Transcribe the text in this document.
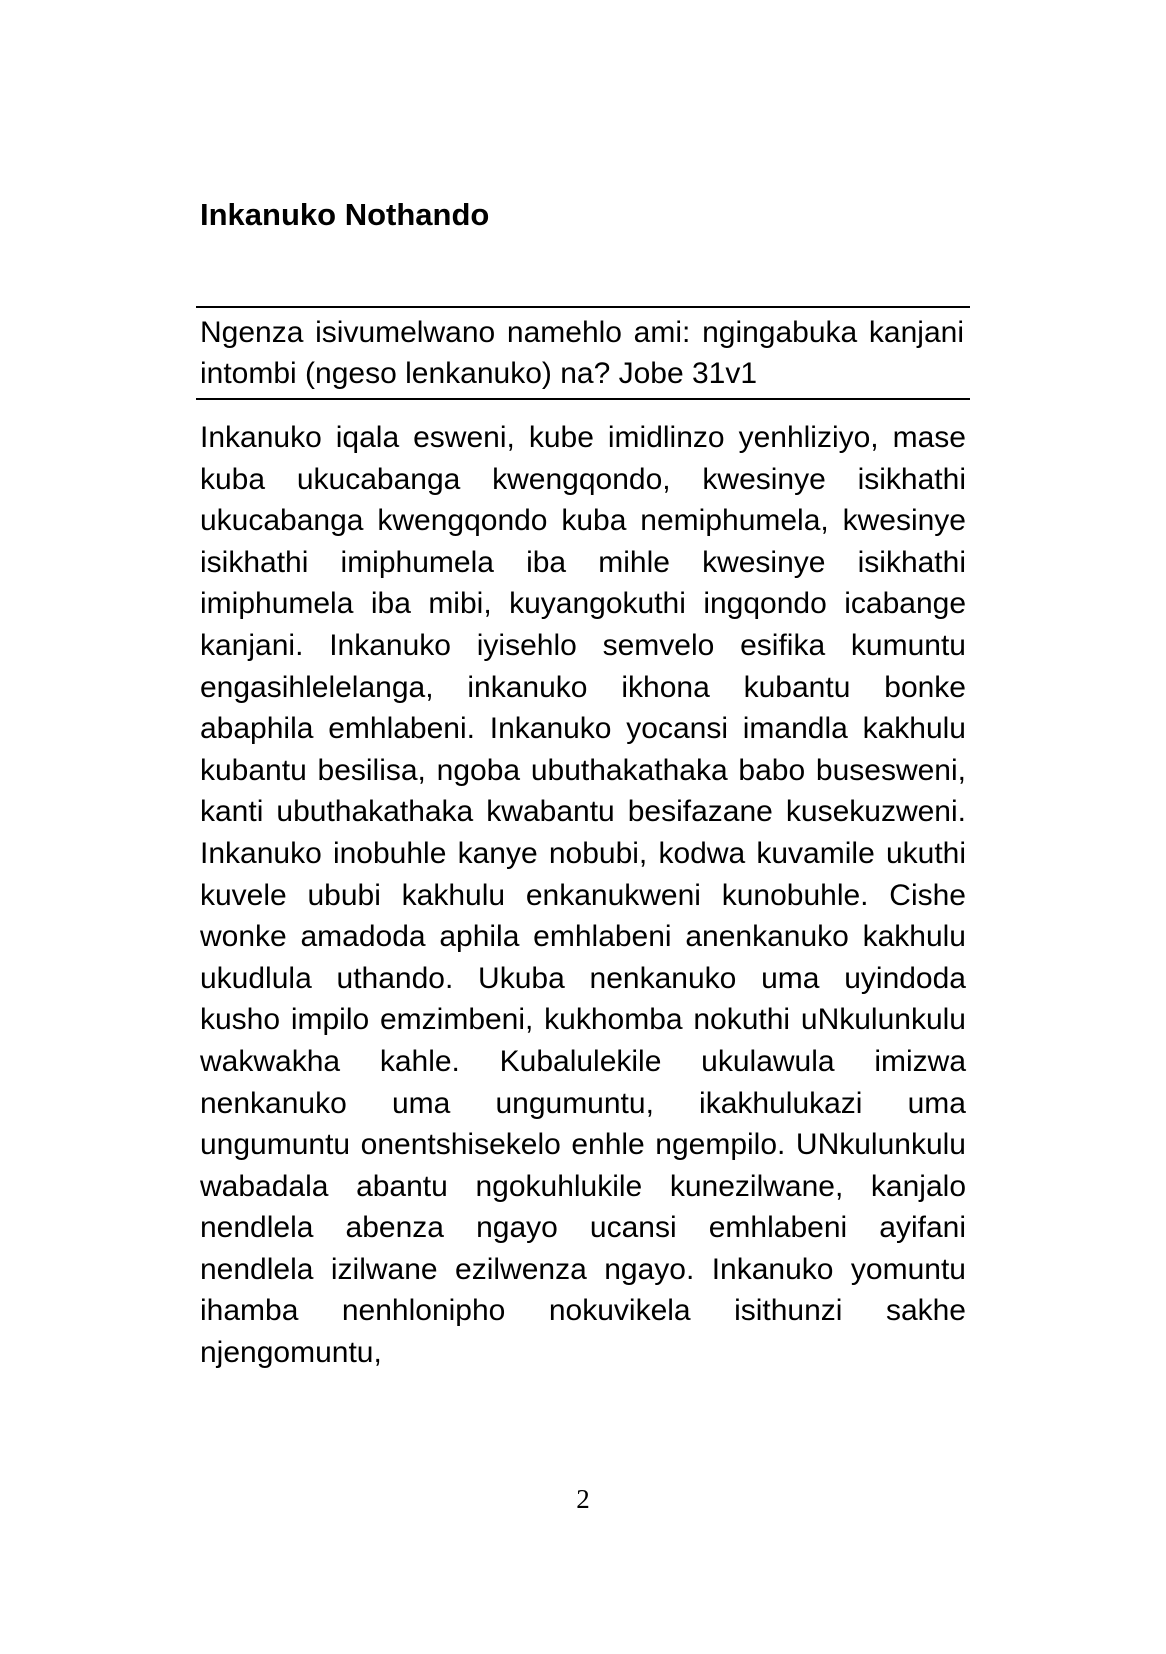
Inkanuko Nothando

Ngenza isivumelwano namehlo ami: ngingabuka kanjani intombi (ngeso lenkanuko) na? Jobe 31v1

Inkanuko iqala esweni, kube imidlinzo yenhliziyo, mase kuba ukucabanga kwengqondo, kwesinye isikhathi ukucabanga kwengqondo kuba nemiphumela, kwesinye isikhathi imiphumela iba mihle kwesinye isikhathi imiphumela iba mibi, kuyangokuthi ingqondo icabange kanjani. Inkanuko iyisehlo semvelo esifika kumuntu engasihlelelanga, inkanuko ikhona kubantu bonke abaphila emhlabeni. Inkanuko yocansi imandla kakhulu kubantu besilisa, ngoba ubuthakathaka babo busesweni, kanti ubuthakathaka kwabantu besifazane kusekuzweni. Inkanuko inobuhle kanye nobubi, kodwa kuvamile ukuthi kuvele ububi kakhulu enkanukweni kunobuhle. Cishe wonke amadoda aphila emhlabeni anenkanuko kakhulu ukudlula uthando. Ukuba nenkanuko uma uyindoda kusho impilo emzimbeni, kukhomba nokuthi uNkulunkulu wakwakha kahle. Kubalulekile ukulawula imizwa nenkanuko uma ungumuntu, ikakhulukazi uma ungumuntu onentshisekelo enhle ngempilo. UNkulunkulu wabadala abantu ngokuhlukile kunezilwane, kanjalo nendlela abenza ngayo ucansi emhlabeni ayifani nendlela izilwane ezilwenza ngayo. Inkanuko yomuntu ihamba nenhlonipho nokuvikela isithunzi sakhe njengomuntu,

2
